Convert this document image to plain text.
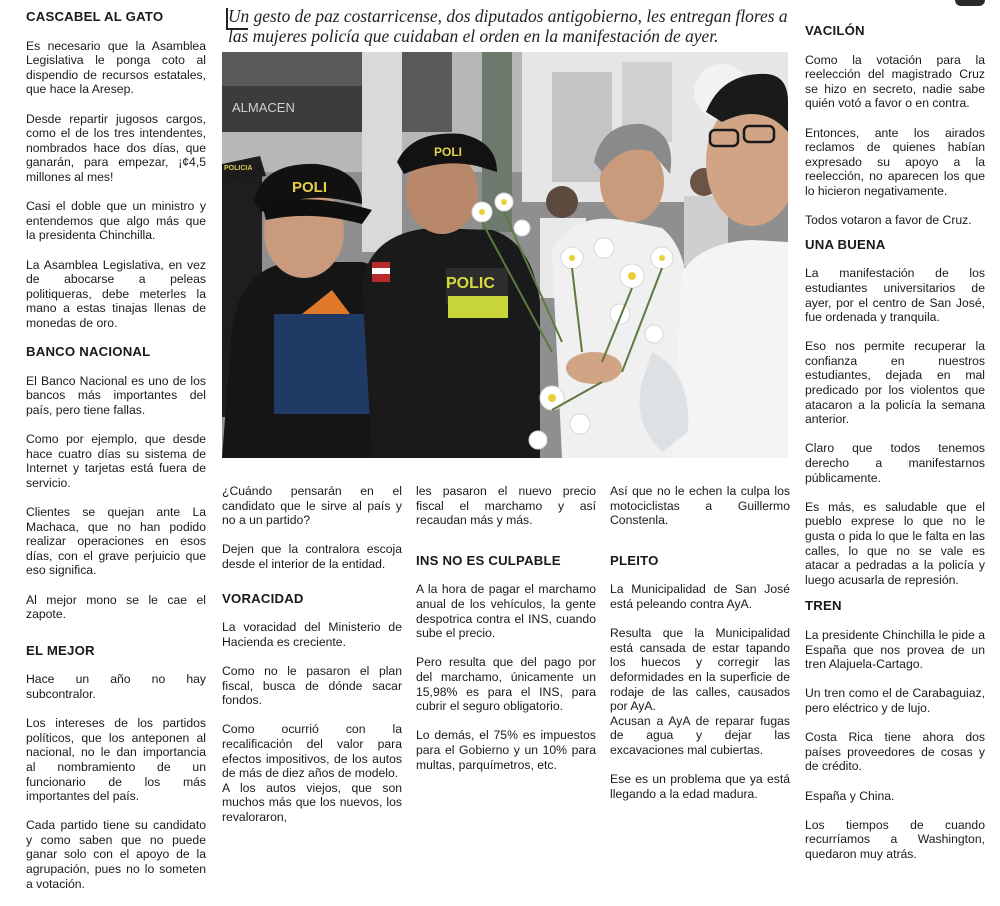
CASCABEL AL GATO

Es necesario que la Asamblea Legislativa le ponga coto al dispendio de recursos estatales, que hace la Aresep.

Desde repartir jugosos cargos, como el de los tres intendentes, nombrados hace dos días, que ganarán, para empezar, ¡¢4,5 millones al mes!

Casi el doble que un ministro y entendemos que algo más que la presidenta Chinchilla.

La Asamblea Legislativa, en vez de abocarse a peleas politiqueras, debe meterles la mano a estas tinajas llenas de monedas de oro.

BANCO NACIONAL

El Banco Nacional es uno de los bancos más importantes del país, pero tiene fallas.

Como por ejemplo, que desde hace cuatro días su sistema de Internet y tarjetas está fuera de servicio.

Clientes se quejan ante La Machaca, que no han podido realizar operaciones en esos días, con el grave perjuicio que eso significa.

Al mejor mono se le cae el zapote.

EL MEJOR

Hace un año no hay subcontralor.

Los intereses de los partidos políticos, que los anteponen al nacional, no le dan importancia al nombramiento de un funcionario de los más importantes del país.

Cada partido tiene su candidato y como saben que no puede ganar solo con el apoyo de la agrupación, pues no lo someten a votación.

Un gesto de paz costarricense, dos diputados antigobierno, les entregan flores a las mujeres policía que cuidaban el orden en la manifestación de ayer.
ALMACEN
POLICIA
POLI
POLI
POLIC

¿Cuándo pensarán en el candidato que le sirve al país y no a un partido?

Dejen que la contralora escoja desde el interior de la entidad.

VORACIDAD

La voracidad del Ministerio de Hacienda es creciente.

Como no le pasaron el plan fiscal, busca de dónde sacar fondos.

Como ocurrió con la recalificación del valor para efectos impositivos, de los autos de más de diez años de modelo.

A los autos viejos, que son muchos más que los nuevos, los revaloraron,

les pasaron el nuevo precio fiscal el marchamo y así recaudan más y más.

INS NO ES CULPABLE

A la hora de pagar el marchamo anual de los vehículos, la gente despotrica contra el INS, cuando sube el precio.

Pero resulta que del pago por del marchamo, únicamente un 15,98% es para el INS, para cubrir el seguro obligatorio.

Lo demás, el 75% es impuestos para el Gobierno y un 10% para multas, parquímetros, etc.

Así que no le echen la culpa los motociclistas a Guillermo Constenla.

PLEITO

La Municipalidad de San José está peleando contra AyA.

Resulta que la Municipalidad está cansada de estar tapando los huecos y corregir las deformidades en la superficie de rodaje de las calles, causados por AyA.

Acusan a AyA de reparar fugas de agua y dejar las excavaciones mal cubiertas.

Ese es un problema que ya está llegando a la edad madura.

VACILÓN

Como la votación para la reelección del magistrado Cruz se hizo en secreto, nadie sabe quién votó a favor o en contra.

Entonces, ante los airados reclamos de quienes habían expresado su apoyo a la reelección, no aparecen los que lo hicieron negativamente.

Todos votaron a favor de Cruz.

UNA BUENA

La manifestación de los estudiantes universitarios de ayer, por el centro de San José, fue ordenada y tranquila.

Eso nos permite recuperar la confianza en nuestros estudiantes, dejada en mal predicado por los violentos que atacaron a la policía la semana anterior.

Claro que todos tenemos derecho a manifestarnos públicamente.

Es más, es saludable que el pueblo exprese lo que no le gusta o pida lo que le falta en las calles, lo que no se vale es atacar a pedradas a la policía y luego acusarla de represión.

TREN

La presidente Chinchilla le pide a España que nos provea de un tren Alajuela-Cartago.

Un tren como el de Carabaguiaz, pero eléctrico y de lujo.

Costa Rica tiene ahora dos países proveedores de cosas y de crédito.

España y China.

Los tiempos de cuando recurríamos a Washington, quedaron muy atrás.
